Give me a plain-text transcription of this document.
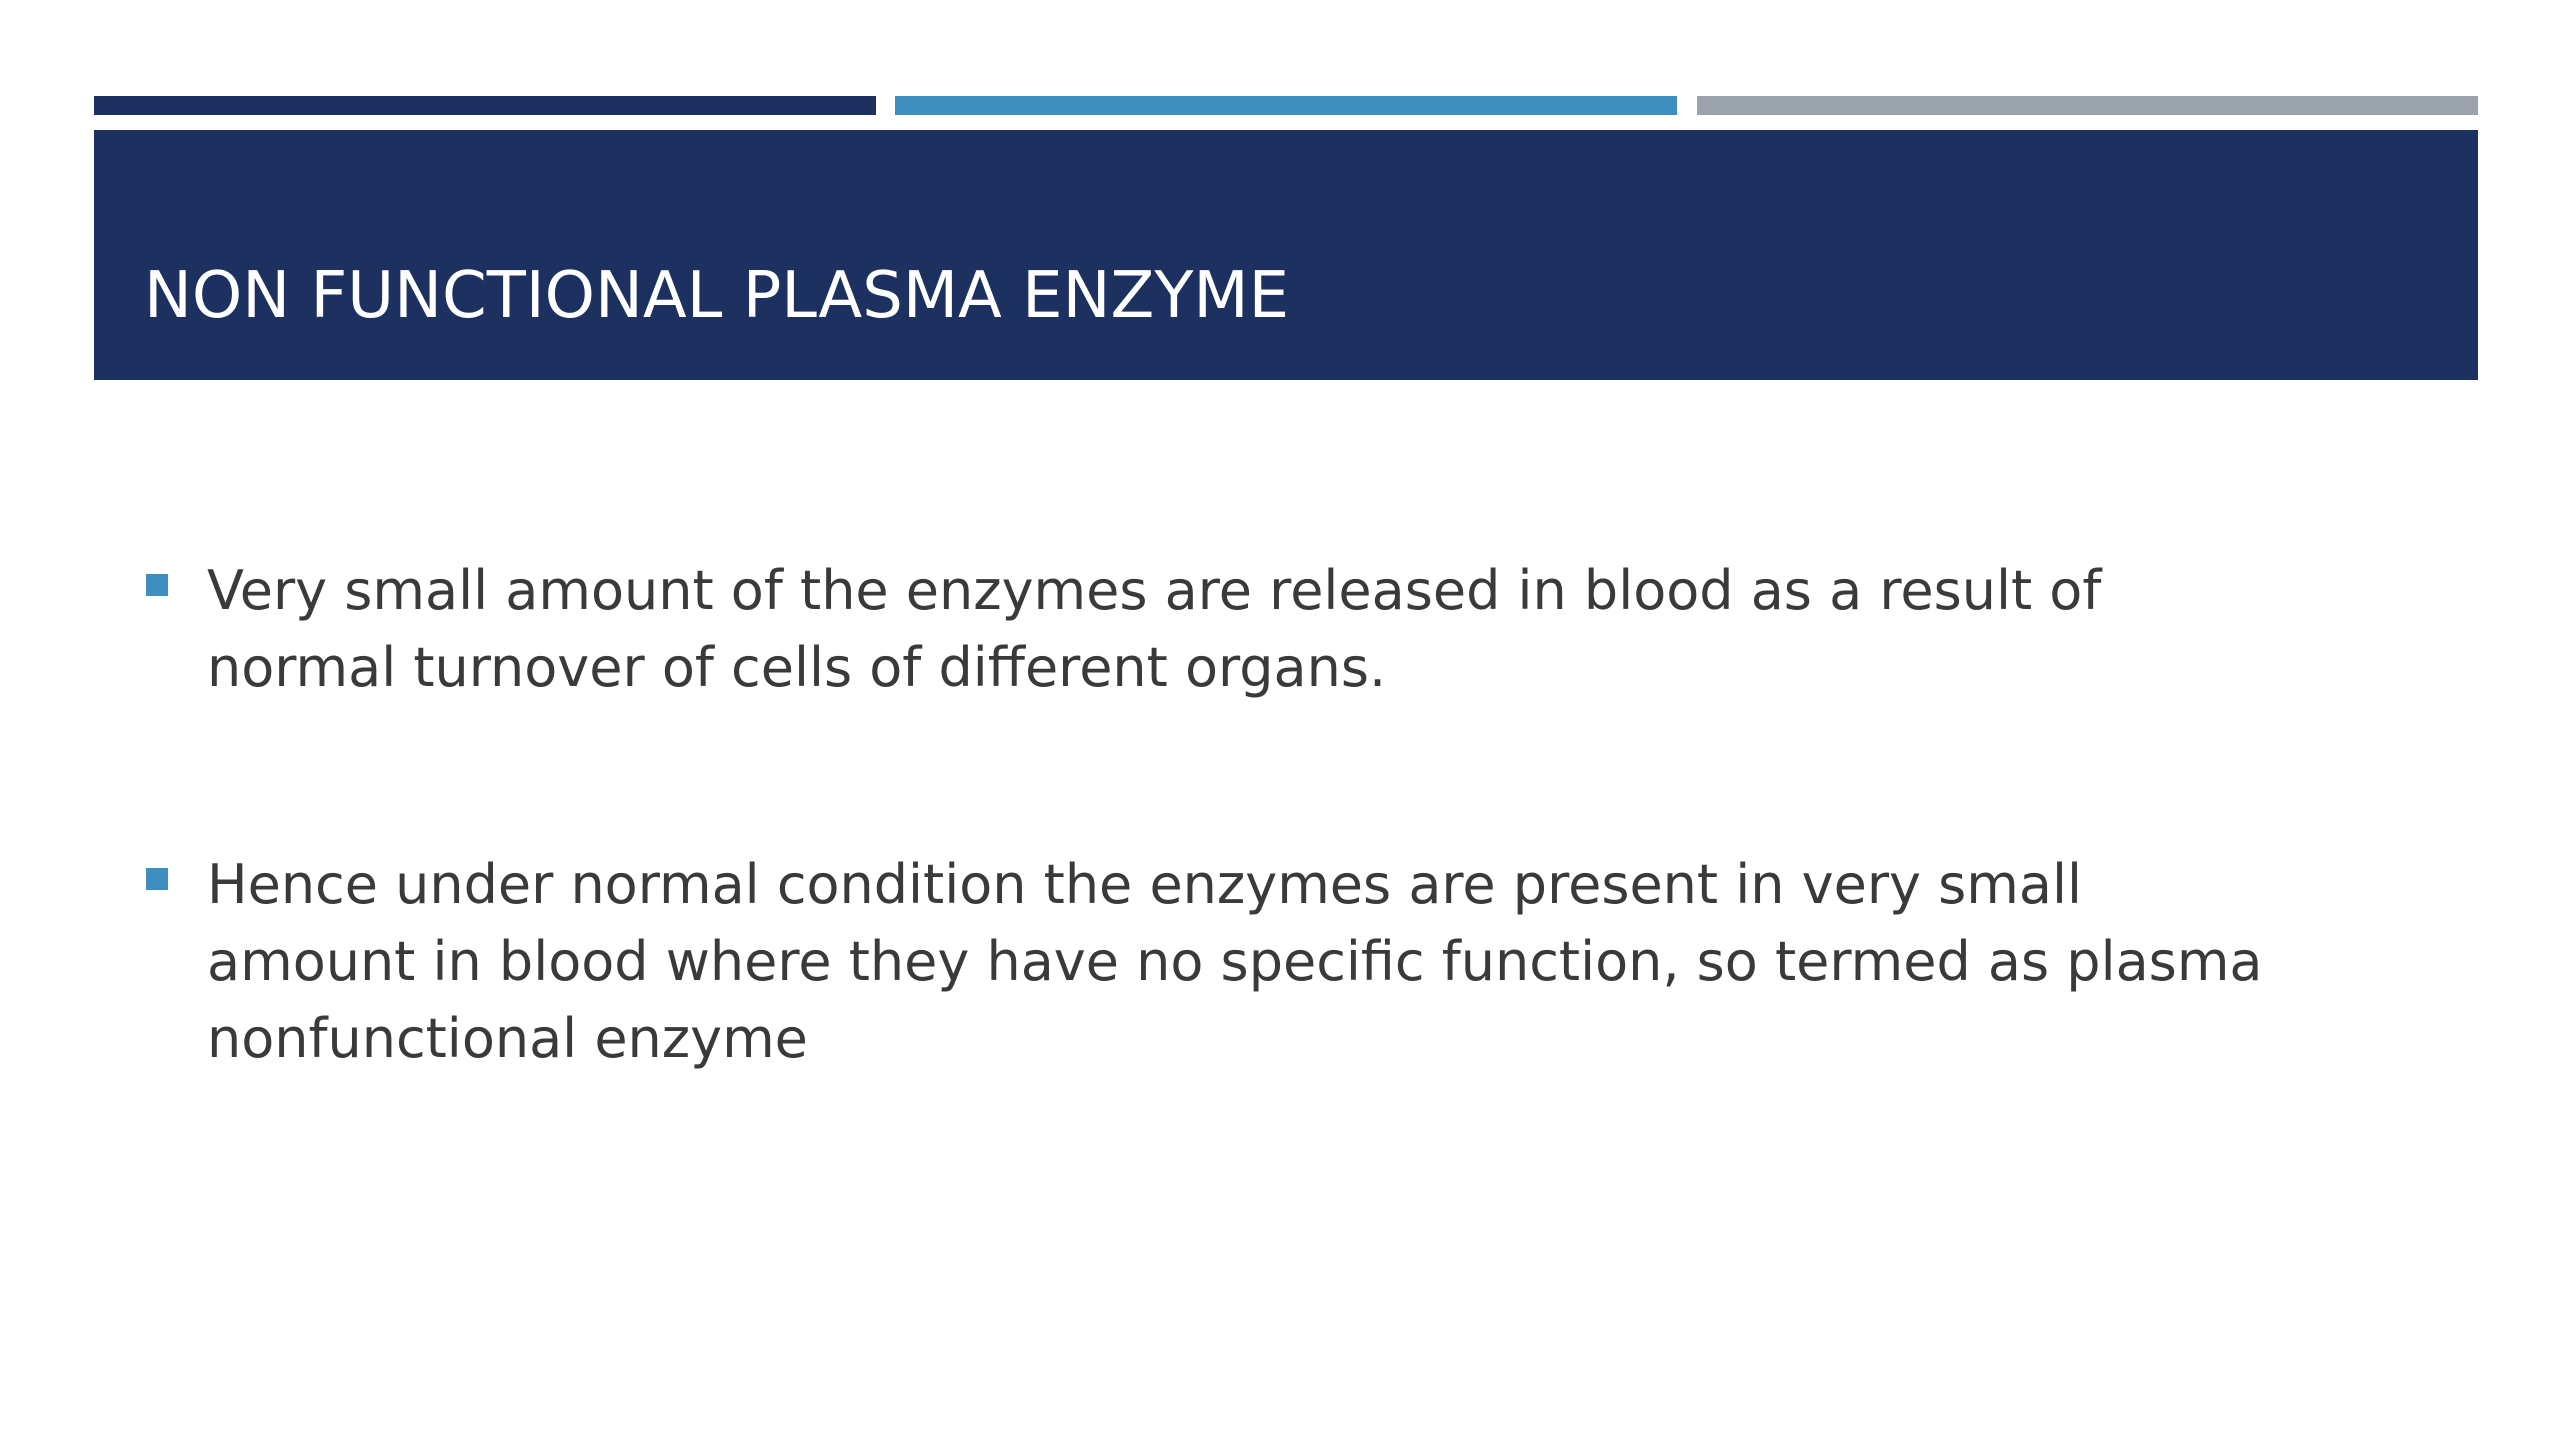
NON FUNCTIONAL PLASMA ENZYME

Very small amount of the enzymes are released in blood as a result of normal turnover of cells of different organs.

Hence under normal condition the enzymes are present in very small amount in blood where they have no specific function, so termed as plasma nonfunctional enzyme
